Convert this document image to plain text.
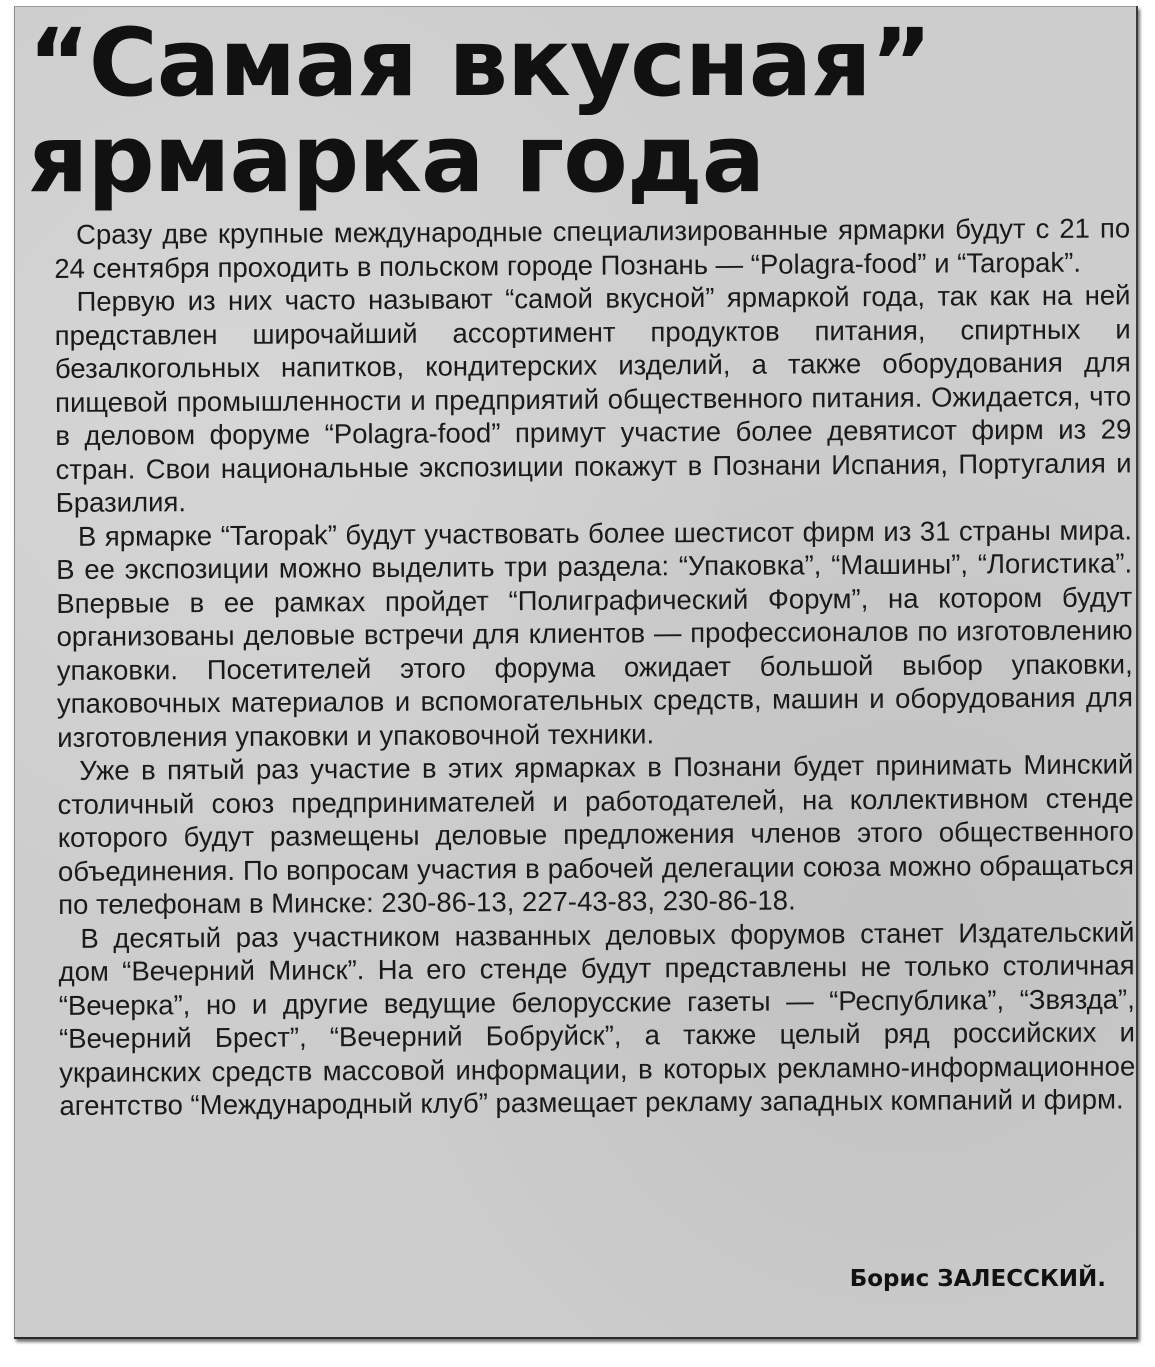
“Самая вкусная”
ярмарка года

Сразу две крупные международные специализированные ярмарки будут с 21 по 24 сентября проходить в польском городе Познань — “Polagra-food” и “Taropak”.

Первую из них часто называют “самой вкусной” ярмаркой года, так как на ней представлен широчайший ассортимент продуктов питания, спиртных и безалкогольных напитков, кондитерских изделий, а также оборудования для пищевой промышленности и предприятий общественного питания. Ожидается, что в деловом форуме “Polagra-food” примут участие более девятисот фирм из 29 стран. Свои национальные экспозиции покажут в Познани Испания, Португалия и Бразилия.

В ярмарке “Taropak” будут участвовать более шестисот фирм из 31 страны мира. В ее экспозиции можно выделить три раздела: “Упаковка”, “Машины”, “Логистика”. Впервые в ее рамках пройдет “Полиграфический Форум”, на котором будут организованы деловые встречи для клиентов — профессионалов по изготовлению упаковки. Посетителей этого форума ожидает большой выбор упаковки, упаковочных материалов и вспомогательных средств, машин и оборудования для изготовления упаковки и упаковочной техники.

Уже в пятый раз участие в этих ярмарках в Познани будет принимать Минский столичный союз предпринимателей и работодателей, на коллективном стенде которого будут размещены деловые предложения членов этого общественного объединения. По вопросам участия в рабочей делегации союза можно обращаться по телефонам в Минске: 230-86-13, 227-43-83, 230-86-18.

В десятый раз участником названных деловых форумов станет Издательский дом “Вечерний Минск”. На его стенде будут представлены не только столичная “Вечерка”, но и другие ведущие белорусские газеты — “Республика”, “Звязда”, “Вечерний Брест”, “Вечерний Бобруйск”, а также целый ряд российских и украинских средств массовой информации, в которых рекламно-информационное агентство “Международный клуб” размещает рекламу западных компаний и фирм.

Борис ЗАЛЕССКИЙ.
